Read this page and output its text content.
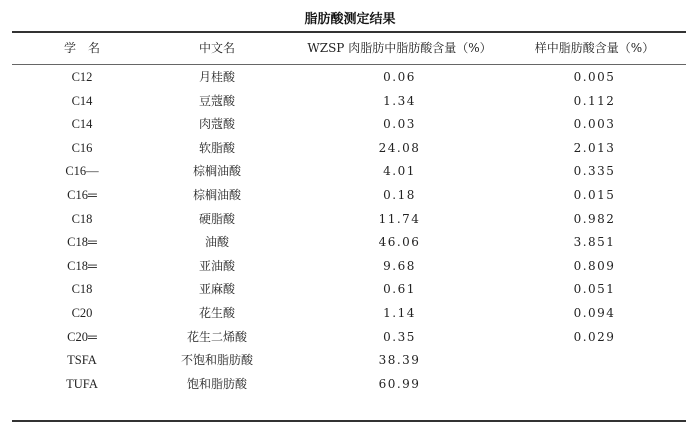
脂肪酸测定结果
学　名	中文名	WZSP 肉脂肪中脂肪酸含量（%）	样中脂肪酸含量（%）
C12	月桂酸	0.06	0.005
C14	豆蔻酸	1.34	0.112
C14	肉蔻酸	0.03	0.003
C16	软脂酸	24.08	2.013
C16—	棕榈油酸	4.01	0.335
C16═	棕榈油酸	0.18	0.015
C18	硬脂酸	11.74	0.982
C18═	油酸	46.06	3.851
C18═	亚油酸	9.68	0.809
C18	亚麻酸	0.61	0.051
C20	花生酸	1.14	0.094
C20═	花生二烯酸	0.35	0.029
TSFA	不饱和脂肪酸	38.39
TUFA	饱和脂肪酸	60.99
